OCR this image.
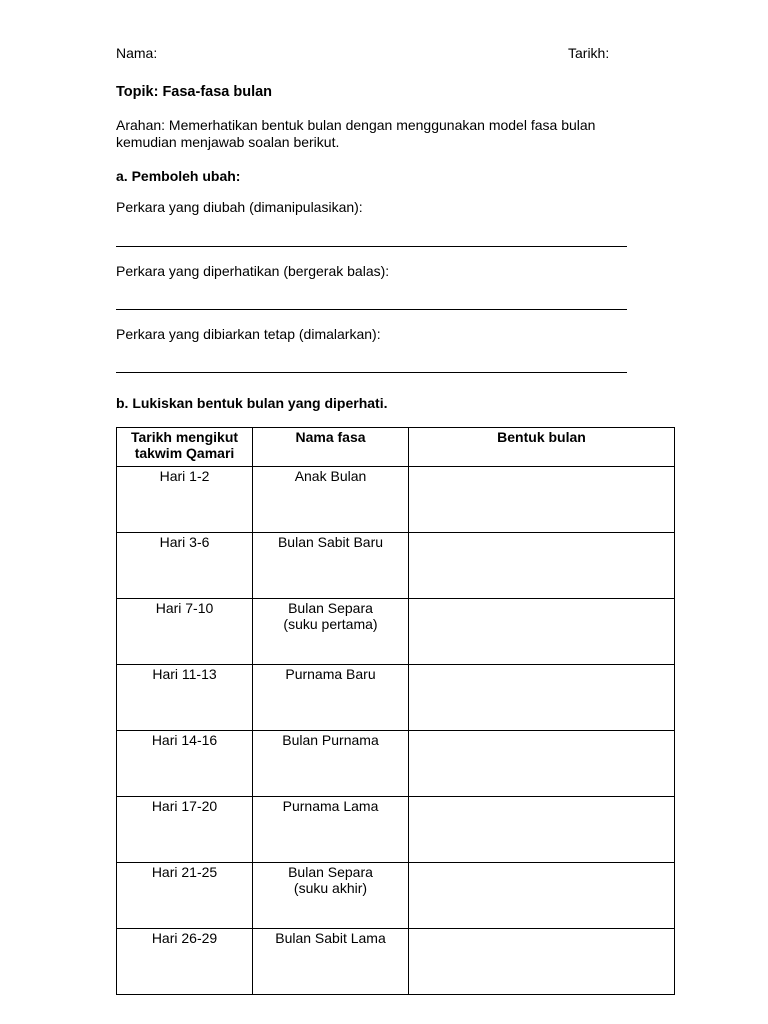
Nama:	Tarikh:
Topik: Fasa-fasa bulan
Arahan: Memerhatikan bentuk bulan dengan menggunakan model fasa bulan kemudian menjawab soalan berikut.
a. Pemboleh ubah:
Perkara yang diubah (dimanipulasikan):
Perkara yang diperhatikan (bergerak balas):
Perkara yang dibiarkan tetap (dimalarkan):
b. Lukiskan bentuk bulan yang diperhati.
Tarikh mengikut
takwim Qamari	Nama fasa	Bentuk bulan
Hari 1-2	Anak Bulan	
Hari 3-6	Bulan Sabit Baru	
Hari 7-10	Bulan Separa
(suku pertama)	
Hari 11-13	Purnama Baru	
Hari 14-16	Bulan Purnama	
Hari 17-20	Purnama Lama	
Hari 21-25	Bulan Separa
(suku akhir)	
Hari 26-29	Bulan Sabit Lama	
